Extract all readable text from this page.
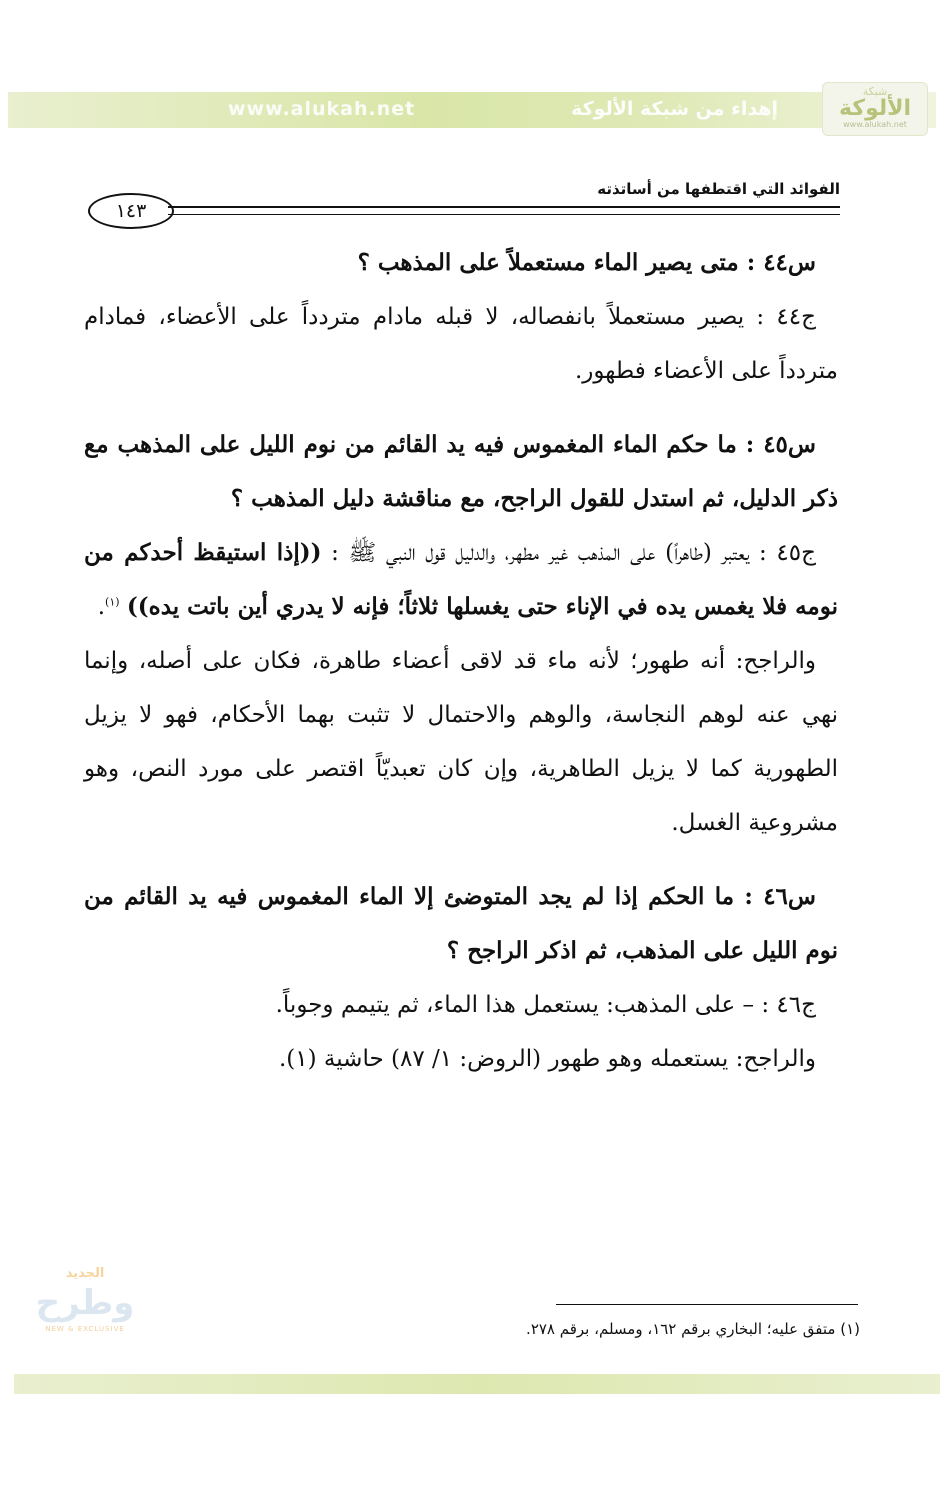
www.alukah.net	إهداء من شبكة الألوكة
شبكة
الألوكة
www.alukah.net
الفوائد التي اقتطفها من أساتذته
١٤٣

س٤٤ : متى يصير الماء مستعملاً على المذهب ؟

ج٤٤ : يصير مستعملاً بانفصاله، لا قبله مادام متردداً على الأعضاء، فمادام متردداً على الأعضاء فطهور.

س٤٥ : ما حكم الماء المغموس فيه يد القائم من نوم الليل على المذهب مع ذكر الدليل، ثم استدل للقول الراجح، مع مناقشة دليل المذهب ؟

ج٤٥ : يعتبر (طاهراً) على المذهب غير مطهر، والدليل قول النبي ﷺ : ((إذا استيقظ أحدكم من نومه فلا يغمس يده في الإناء حتى يغسلها ثلاثاً؛ فإنه لا يدري أين باتت يده)) $^{(١)}$.

والراجح: أنه طهور؛ لأنه ماء قد لاقى أعضاء طاهرة، فكان على أصله، وإنما نهي عنه لوهم النجاسة، والوهم والاحتمال لا تثبت بهما الأحكام، فهو لا يزيل الطهورية كما لا يزيل الطاهرية، وإن كان تعبديّاً اقتصر على مورد النص، وهو مشروعية الغسل.

س٤٦ : ما الحكم إذا لم يجد المتوضئ إلا الماء المغموس فيه يد القائم من نوم الليل على المذهب، ثم اذكر الراجح ؟

ج٤٦ : – على المذهب: يستعمل هذا الماء، ثم يتيمم وجوباً.

والراجح: يستعمله وهو طهور (الروض: ١/ ٨٧) حاشية (١).

الجديد
وطرح
NEW & EXCLUSIVE	(١) متفق عليه؛ البخاري برقم ١٦٢، ومسلم، برقم ٢٧٨.
